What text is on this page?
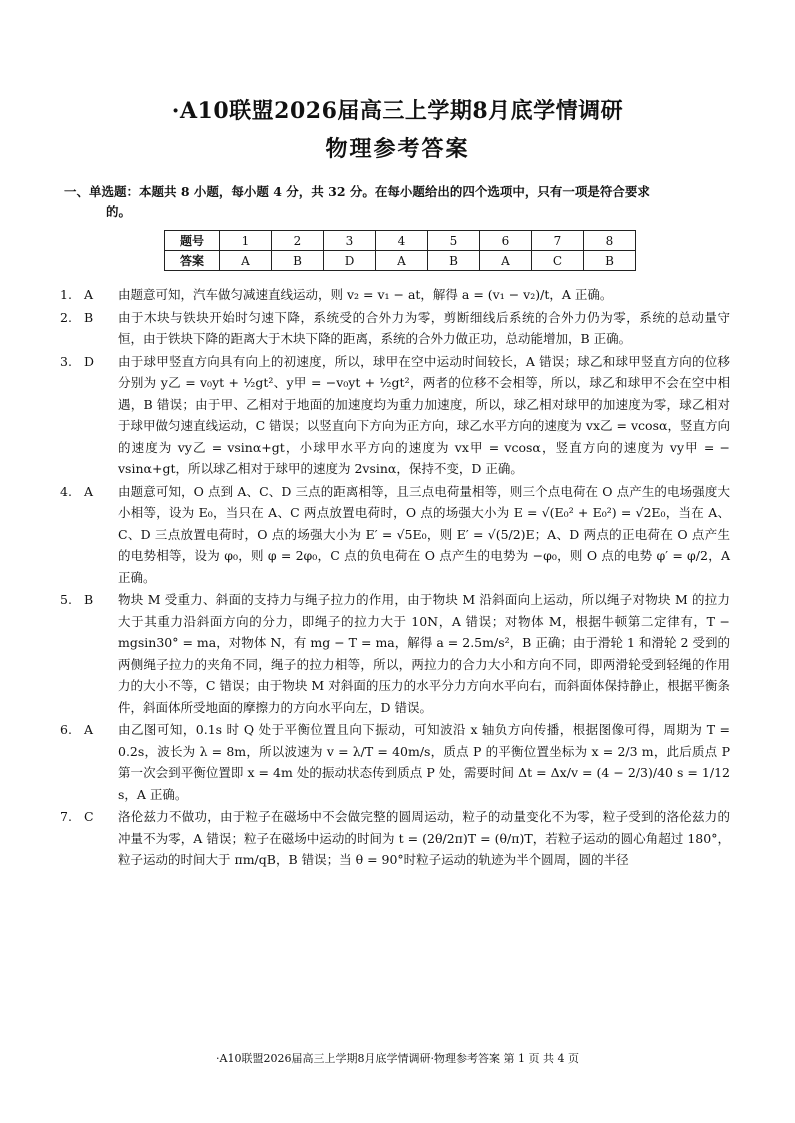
·A10联盟2026届高三上学期8月底学情调研
物理参考答案
一、单选题：本题共 8 小题，每小题 4 分，共 32 分。在每小题给出的四个选项中，只有一项是符合要求
的。
题号	1	2	3	4	5	6	7	8
答案	A	B	D	A	B	A	C	B
1. A	由题意可知，汽车做匀减速直线运动，则 v₂ = v₁ − at，解得 a = (v₁ − v₂)/t，A 正确。

2. B	由于木块与铁块开始时匀速下降，系统受的合外力为零，剪断细线后系统的合外力仍为零，系统的总动量守恒，由于铁块下降的距离大于木块下降的距离，系统的合外力做正功，总动能增加，B 正确。

3. D	由于球甲竖直方向具有向上的初速度，所以，球甲在空中运动时间较长，A 错误；球乙和球甲竖直方向的位移分别为 y乙 = v₀yt + ½gt²、y甲 = −v₀yt + ½gt²，两者的位移不会相等，所以，球乙和球甲不会在空中相遇，B 错误；由于甲、乙相对于地面的加速度均为重力加速度，所以，球乙相对球甲的加速度为零，球乙相对于球甲做匀速直线运动，C 错误；以竖直向下方向为正方向，球乙水平方向的速度为 vx乙 = vcosα，竖直方向的速度为 vy乙 = vsinα+gt，小球甲水平方向的速度为 vx甲 = vcosα，竖直方向的速度为 vy甲 = − vsinα+gt，所以球乙相对于球甲的速度为 2vsinα，保持不变，D 正确。

4. A	由题意可知，O 点到 A、C、D 三点的距离相等，且三点电荷量相等，则三个点电荷在 O 点产生的电场强度大小相等，设为 E₀，当只在 A、C 两点放置电荷时，O 点的场强大小为 E = √(E₀² + E₀²) = √2E₀，当在 A、C、D 三点放置电荷时，O 点的场强大小为 E′ = √5E₀，则 E′ = √(5/2)E；A、D 两点的正电荷在 O 点产生的电势相等，设为 φ₀，则 φ = 2φ₀，C 点的负电荷在 O 点产生的电势为 −φ₀，则 O 点的电势 φ′ = φ/2，A 正确。

5. B	物块 M 受重力、斜面的支持力与绳子拉力的作用，由于物块 M 沿斜面向上运动，所以绳子对物块 M 的拉力大于其重力沿斜面方向的分力，即绳子的拉力大于 10N，A 错误；对物体 M，根据牛顿第二定律有，T − mgsin30° = ma，对物体 N，有 mg − T = ma，解得 a = 2.5m/s²，B 正确；由于滑轮 1 和滑轮 2 受到的两侧绳子拉力的夹角不同，绳子的拉力相等，所以，两拉力的合力大小和方向不同，即两滑轮受到轻绳的作用力的大小不等，C 错误；由于物块 M 对斜面的压力的水平分力方向水平向右，而斜面体保持静止，根据平衡条件，斜面体所受地面的摩擦力的方向水平向左，D 错误。

6. A	由乙图可知，0.1s 时 Q 处于平衡位置且向下振动，可知波沿 x 轴负方向传播，根据图像可得，周期为 T = 0.2s，波长为 λ = 8m，所以波速为 v = λ/T = 40m/s，质点 P 的平衡位置坐标为 x = 2/3 m，此后质点 P 第一次会到平衡位置即 x = 4m 处的振动状态传到质点 P 处，需要时间 Δt = Δx/v = (4 − 2/3)/40 s = 1/12 s，A 正确。

7. C	洛伦兹力不做功，由于粒子在磁场中不会做完整的圆周运动，粒子的动量变化不为零，粒子受到的洛伦兹力的冲量不为零，A 错误；粒子在磁场中运动的时间为 t = (2θ/2π)T = (θ/π)T，若粒子运动的圆心角超过 180°，粒子运动的时间大于 πm/qB，B 错误；当 θ = 90°时粒子运动的轨迹为半个圆周，圆的半径

·A10联盟2026届高三上学期8月底学情调研·物理参考答案 第 1 页 共 4 页
